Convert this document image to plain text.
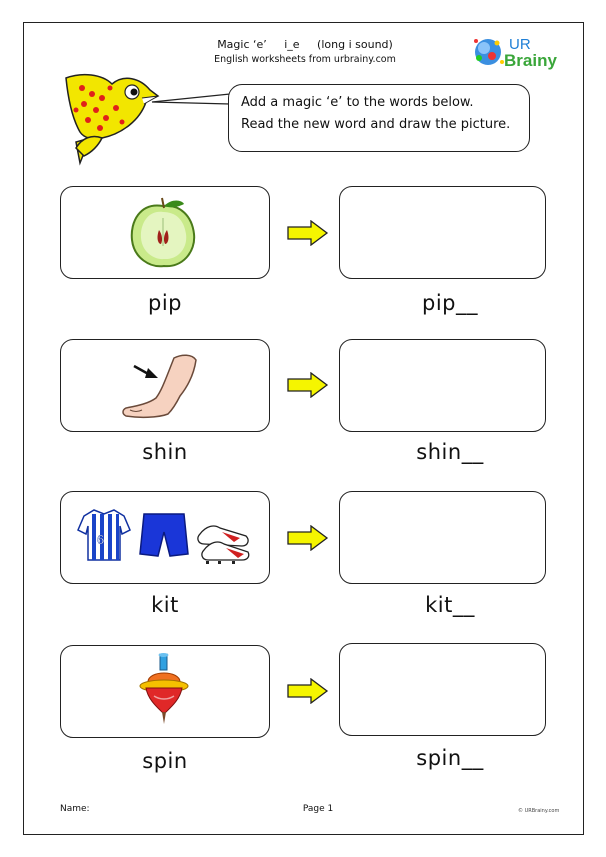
Magic ‘e’     i_e     (long i sound)
English worksheets from urbrainy.com
UR
Brainy
Add a magic ‘e’ to the words below.
Read the new word and draw the picture.
pip	pip__
shin	shin__
6
kit	kit__
spin	spin__
Name:	Page 1	© URBrainy.com
